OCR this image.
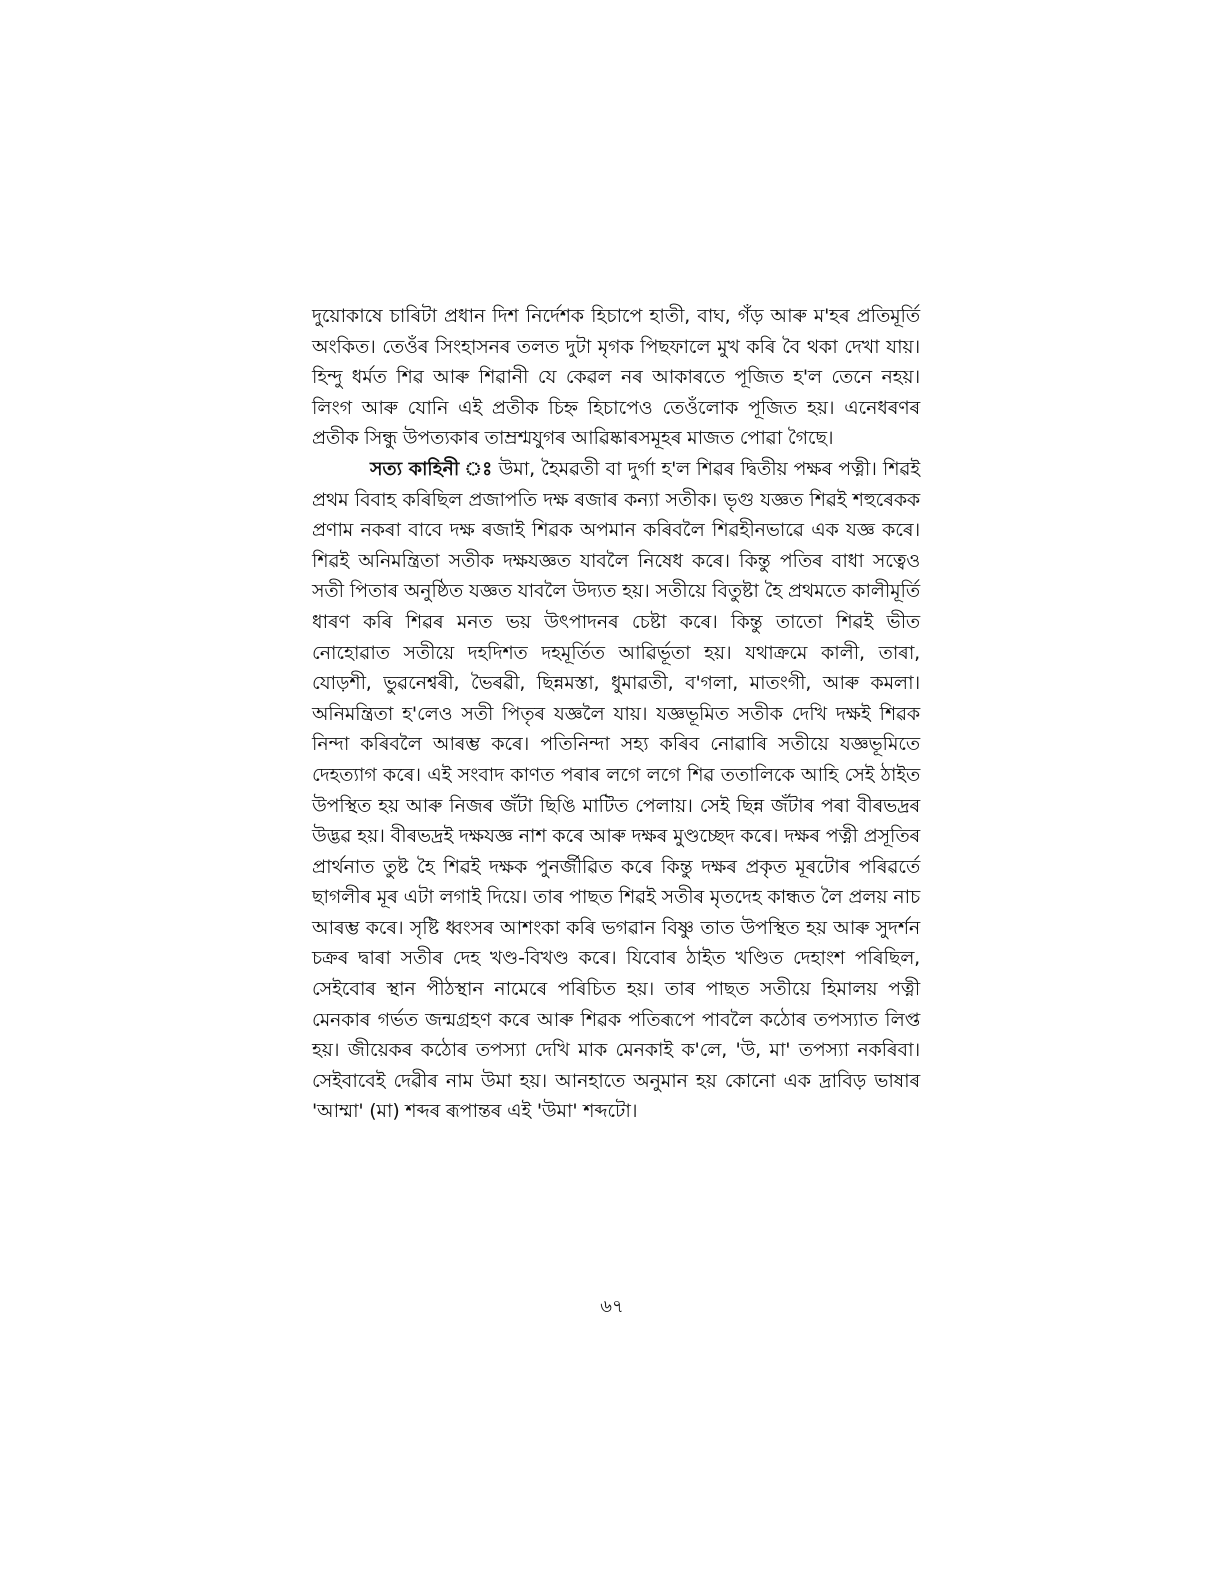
দুয়োকাষে চাৰিটা প্ৰধান দিশ নিৰ্দেশক হিচাপে হাতী, বাঘ, গঁড় আৰু ম'হৰ প্ৰতিমূৰ্তি অংকিত। তেওঁৰ সিংহাসনৰ তলত দুটা মৃগক পিছফালে মুখ কৰি বৈ থকা দেখা যায়। হিন্দু ধৰ্মত শিৱ আৰু শিৱানী যে কেৱল নৰ আকাৰতে পূজিত হ'ল তেনে নহয়। লিংগ আৰু যোনি এই প্ৰতীক চিহ্ন হিচাপেও তেওঁলোক পূজিত হয়। এনেধৰণৰ প্ৰতীক সিন্ধু উপত্যকাৰ তাম্ৰশ্মযুগৰ আৱিষ্কাৰসমূহৰ মাজত পোৱা গৈছে।

সত্য কাহিনী ঃ উমা, হৈমৱতী বা দুৰ্গা হ'ল শিৱৰ দ্বিতীয় পক্ষৰ পত্নী। শিৱই প্ৰথম বিবাহ কৰিছিল প্ৰজাপতি দক্ষ ৰজাৰ কন্যা সতীক। ভৃগু যজ্ঞত শিৱই শহুৰেকক প্ৰণাম নকৰা বাবে দক্ষ ৰজাই শিৱক অপমান কৰিবলৈ শিৱহীনভাৱে এক যজ্ঞ কৰে। শিৱই অনিমন্ত্ৰিতা সতীক দক্ষযজ্ঞত যাবলৈ নিষেধ কৰে। কিন্তু পতিৰ বাধা সত্বেও সতী পিতাৰ অনুষ্ঠিত যজ্ঞত যাবলৈ উদ্যত হয়। সতীয়ে বিতুষ্টা হৈ প্ৰথমতে কালীমূৰ্তি ধাৰণ কৰি শিৱৰ মনত ভয় উৎপাদনৰ চেষ্টা কৰে। কিন্তু তাতো শিৱই ভীত নোহোৱাত সতীয়ে দহদিশত দহমূৰ্তিত আৱিৰ্ভূতা হয়। যথাক্ৰমে কালী, তাৰা, যোড়শী, ভুৱনেশ্বৰী, ভৈৰৱী, ছিন্নমস্তা, ধুমাৱতী, ব'গলা, মাতংগী, আৰু কমলা। অনিমন্ত্ৰিতা হ'লেও সতী পিতৃৰ যজ্ঞলৈ যায়। যজ্ঞভূমিত সতীক দেখি দক্ষই শিৱক নিন্দা কৰিবলৈ আৰম্ভ কৰে। পতিনিন্দা সহ্য কৰিব নোৱাৰি সতীয়ে যজ্ঞভূমিতে দেহত্যাগ কৰে। এই সংবাদ কাণত পৰাৰ লগে লগে শিৱ ততালিকে আহি সেই ঠাইত উপস্থিত হয় আৰু নিজৰ জঁটা ছিঙি মাটিত পেলায়। সেই ছিন্ন জঁটাৰ পৰা বীৰভদ্ৰৰ উদ্ভৱ হয়। বীৰভদ্ৰই দক্ষযজ্ঞ নাশ কৰে আৰু দক্ষৰ মুণ্ডচ্ছেদ কৰে। দক্ষৰ পত্নী প্ৰসূতিৰ প্ৰাৰ্থনাত তুষ্ট হৈ শিৱই দক্ষক পুনৰ্জীৱিত কৰে কিন্তু দক্ষৰ প্ৰকৃত মূৰটোৰ পৰিৱৰ্তে ছাগলীৰ মূৰ এটা লগাই দিয়ে। তাৰ পাছত শিৱই সতীৰ মৃতদেহ কান্ধত লৈ প্ৰলয় নাচ আৰম্ভ কৰে। সৃষ্টি ধ্বংসৰ আশংকা কৰি ভগৱান বিষ্ণু তাত উপস্থিত হয় আৰু সুদৰ্শন চক্ৰৰ দ্বাৰা সতীৰ দেহ খণ্ড-বিখণ্ড কৰে। যিবোৰ ঠাইত খণ্ডিত দেহাংশ পৰিছিল, সেইবোৰ স্থান পীঠস্থান নামেৰে পৰিচিত হয়। তাৰ পাছত সতীয়ে হিমালয় পত্নী মেনকাৰ গৰ্ভত জন্মগ্ৰহণ কৰে আৰু শিৱক পতিৰূপে পাবলৈ কঠোৰ তপস্যাত লিপ্ত হয়। জীয়েকৰ কঠোৰ তপস্যা দেখি মাক মেনকাই ক'লে, 'উ, মা' তপস্যা নকৰিবা। সেইবাবেই দেৱীৰ নাম উমা হয়। আনহাতে অনুমান হয় কোনো এক দ্ৰাবিড় ভাষাৰ 'আম্মা' (মা) শব্দৰ ৰূপান্তৰ এই 'উমা' শব্দটো।

৬৭
